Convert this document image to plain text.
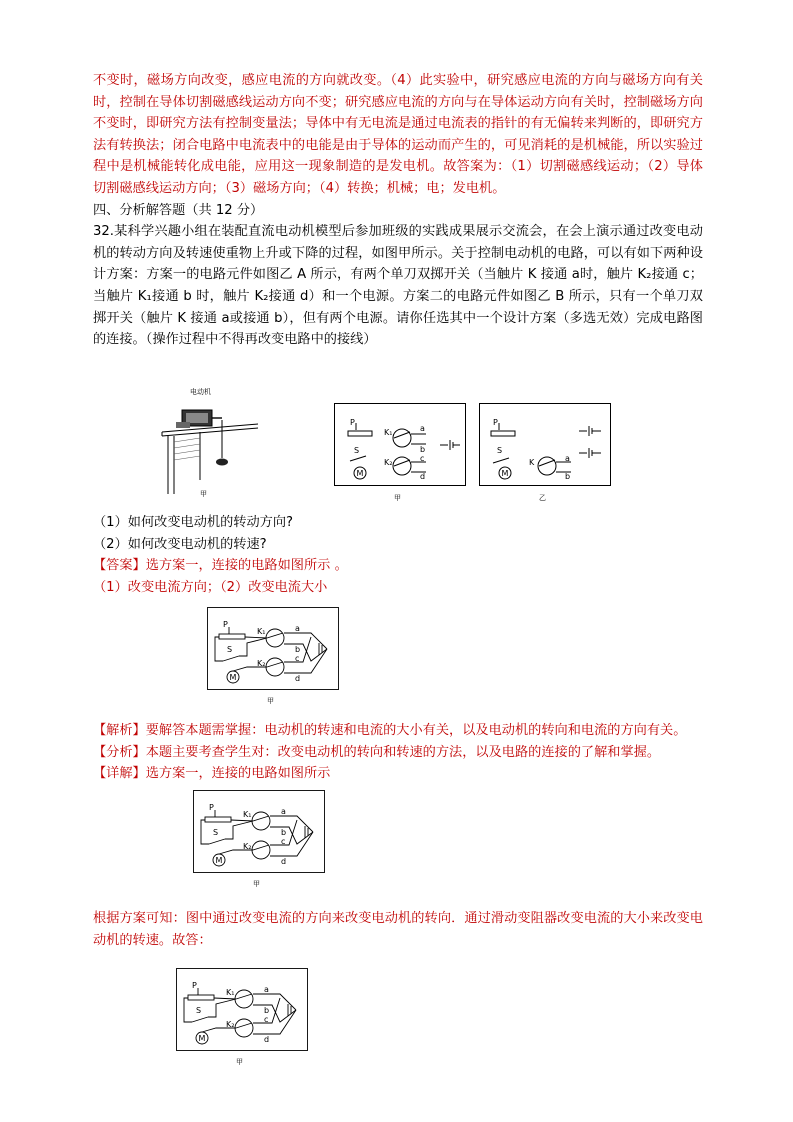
不变时，磁场方向改变，感应电流的方向就改变。（4）此实验中，研究感应电流的方向与磁场方向有关时，控制在导体切割磁感线运动方向不变；研究感应电流的方向与在导体运动方向有关时，控制磁场方向不变时，即研究方法有控制变量法；导体中有无电流是通过电流表的指针的有无偏转来判断的，即研究方法有转换法；闭合电路中电流表中的电能是由于导体的运动而产生的，可见消耗的是机械能，所以实验过程中是机械能转化成电能，应用这一现象制造的是发电机。故答案为：（1）切割磁感线运动；（2）导体切割磁感线运动方向；（3）磁场方向；（4）转换；机械；电；发电机。

四、分析解答题（共 12 分）

32.某科学兴趣小组在装配直流电动机模型后参加班级的实践成果展示交流会，在会上演示通过改变电动机的转动方向及转速使重物上升或下降的过程，如图甲所示。关于控制电动机的电路，可以有如下两种设计方案：方案一的电路元件如图乙 A 所示，有两个单刀双掷开关（当触片 K 接通 a时，触片 K₂接通 c；当触片 K₁接通 b 时，触片 K₂接通 d）和一个电源。方案二的电路元件如图乙 B 所示，只有一个单刀双掷开关（触片 K 接通 a或接通 b），但有两个电源。请你任选其中一个设计方案（多选无效）完成电路图的连接。（操作过程中不得再改变电路中的接线）

电动机
甲
P
K₁	a
b
S
K₂	c
d
M
甲
P
S
M
K	a
b
乙

（1）如何改变电动机的转动方向?

（2）如何改变电动机的转速?

【答案】选方案一，连接的电路如图所示 。

（1）改变电流方向；（2）改变电流大小

P
K₁	a
b
S
K₂
c
d
M
甲

【解析】要解答本题需掌握：电动机的转速和电流的大小有关，以及电动机的转向和电流的方向有关。

【分析】本题主要考查学生对：改变电动机的转向和转速的方法，以及电路的连接的了解和掌握。

【详解】选方案一，连接的电路如图所示

P
K₁	a
b
S
K₂
c
d
M
甲

根据方案可知：图中通过改变电流的方向来改变电动机的转向．通过滑动变阻器改变电流的大小来改变电动机的转速。故答：

P
K₁	a
b
S
K₂
c
d
M
甲
